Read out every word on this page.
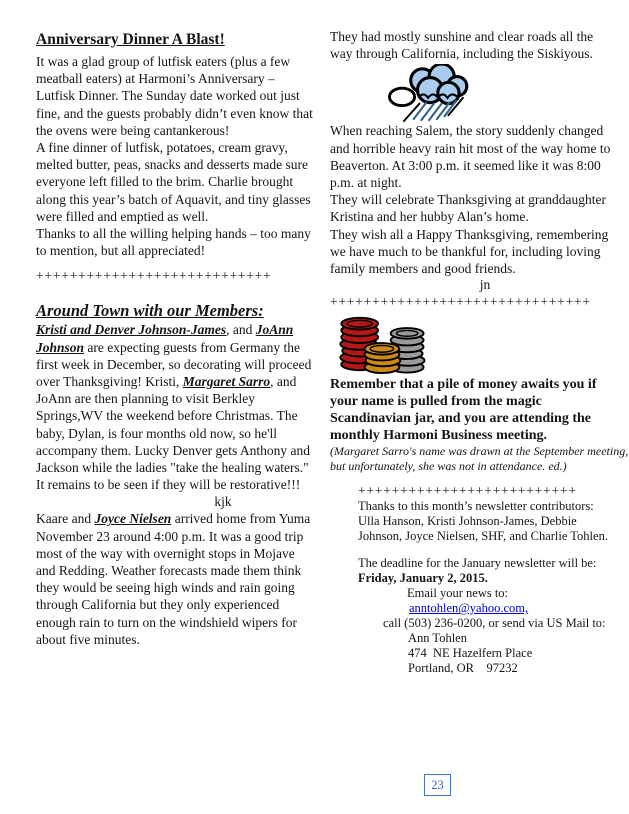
Anniversary Dinner A Blast!

It was a glad group of lutfisk eaters (plus a few meatball eaters) at Harmoni’s Anniversary – Lutfisk Dinner. The Sunday date worked out just fine, and the guests probably didn’t even know that the ovens were being cantankerous!

A fine dinner of lutfisk, potatoes, cream gravy, melted butter, peas, snacks and desserts made sure everyone left filled to the brim. Charlie brought along this year’s batch of Aquavit, and tiny glasses were filled and emptied as well.

Thanks to all the willing helping hands – too many to mention, but all appreciated!

++++++++++++++++++++++++++++
Around Town with our Members:

Kristi and Denver Johnson-James, and JoAnn Johnson are expecting guests from Germany the first week in December, so decorating will proceed over Thanksgiving! Kristi, Margaret Sarro, and JoAnn are then planning to visit Berkley Springs,WV the weekend before Christmas. The baby, Dylan, is four months old now, so he'll accompany them. Lucky Denver gets Anthony and Jackson while the ladies "take the healing waters." It remains to be seen if they will be restorative!!!

kjk

Kaare and Joyce Nielsen arrived home from Yuma November 23 around 4:00 p.m. It was a good trip most of the way with overnight stops in Mojave and Redding. Weather forecasts made them think they would be seeing high winds and rain going through California but they only experienced enough rain to turn on the windshield wipers for about five minutes.

They had mostly sunshine and clear roads all the way through California, including the Siskiyous.

When reaching Salem, the story suddenly changed and horrible heavy rain hit most of the way home to Beaverton. At 3:00 p.m. it seemed like it was 8:00 p.m. at night.

They will celebrate Thanksgiving at granddaughter Kristina and her hubby Alan’s home.

They wish all a Happy Thanksgiving, remembering we have much to be thankful for, including loving family members and good friends.

jn
+++++++++++++++++++++++++++++++

Remember that a pile of money awaits you if your name is pulled from the magic Scandinavian jar, and you are attending the monthly Harmoni Business meeting.

(Margaret Sarro's name was drawn at the September meeting,
but unfortunately, she was not in attendance. ed.)
++++++++++++++++++++++++++
Thanks to this month’s newsletter contributors:
Ulla Hanson, Kristi Johnson-James, Debbie
Johnson, Joyce Nielsen, SHF, and Charlie Tohlen.
The deadline for the January newsletter will be:
Friday, January 2, 2015.
Email your news to:
anntohlen@yahoo.com,
call (503) 236-0200, or send via US Mail to:
Ann Tohlen
474  NE Hazelfern Place
Portland, OR    97232
23
